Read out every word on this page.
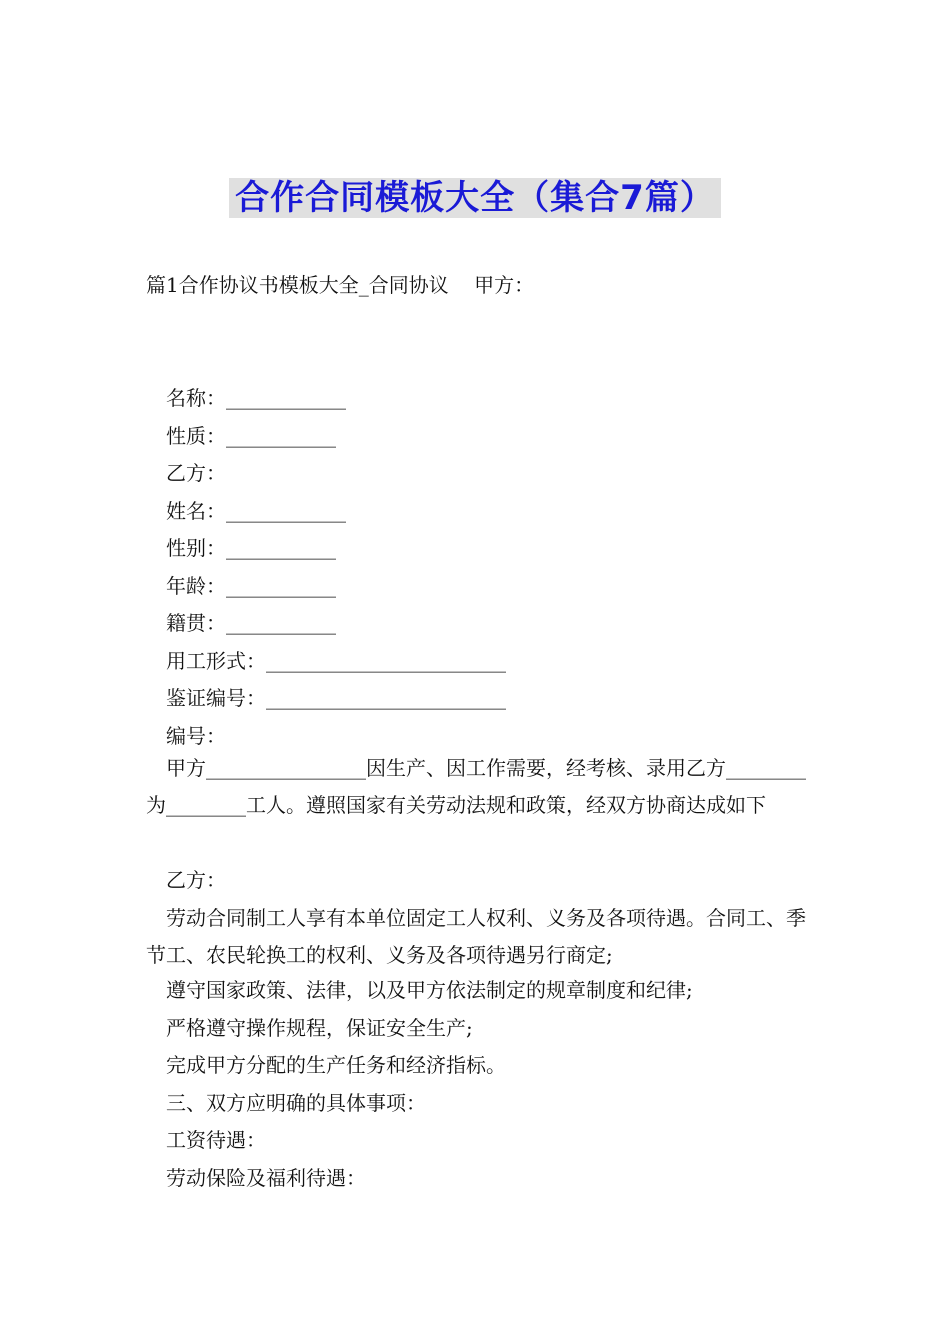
合作合同模板大全（集合7篇）
篇1合作协议书模板大全_合同协议    甲方：
名称：____________
性质：___________
乙方：
姓名：____________
性别：___________
年龄：___________
籍贯：___________
用工形式：________________________
鉴证编号：________________________
编号：
甲方________________因生产、因工作需要，经考核、录用乙方________为________工人。遵照国家有关劳动法规和政策，经双方协商达成如下
乙方：
劳动合同制工人享有本单位固定工人权利、义务及各项待遇。合同工、季节工、农民轮换工的权利、义务及各项待遇另行商定;
遵守国家政策、法律，以及甲方依法制定的规章制度和纪律;
严格遵守操作规程，保证安全生产;
完成甲方分配的生产任务和经济指标。
三、双方应明确的具体事项：
工资待遇：
劳动保险及福利待遇：
